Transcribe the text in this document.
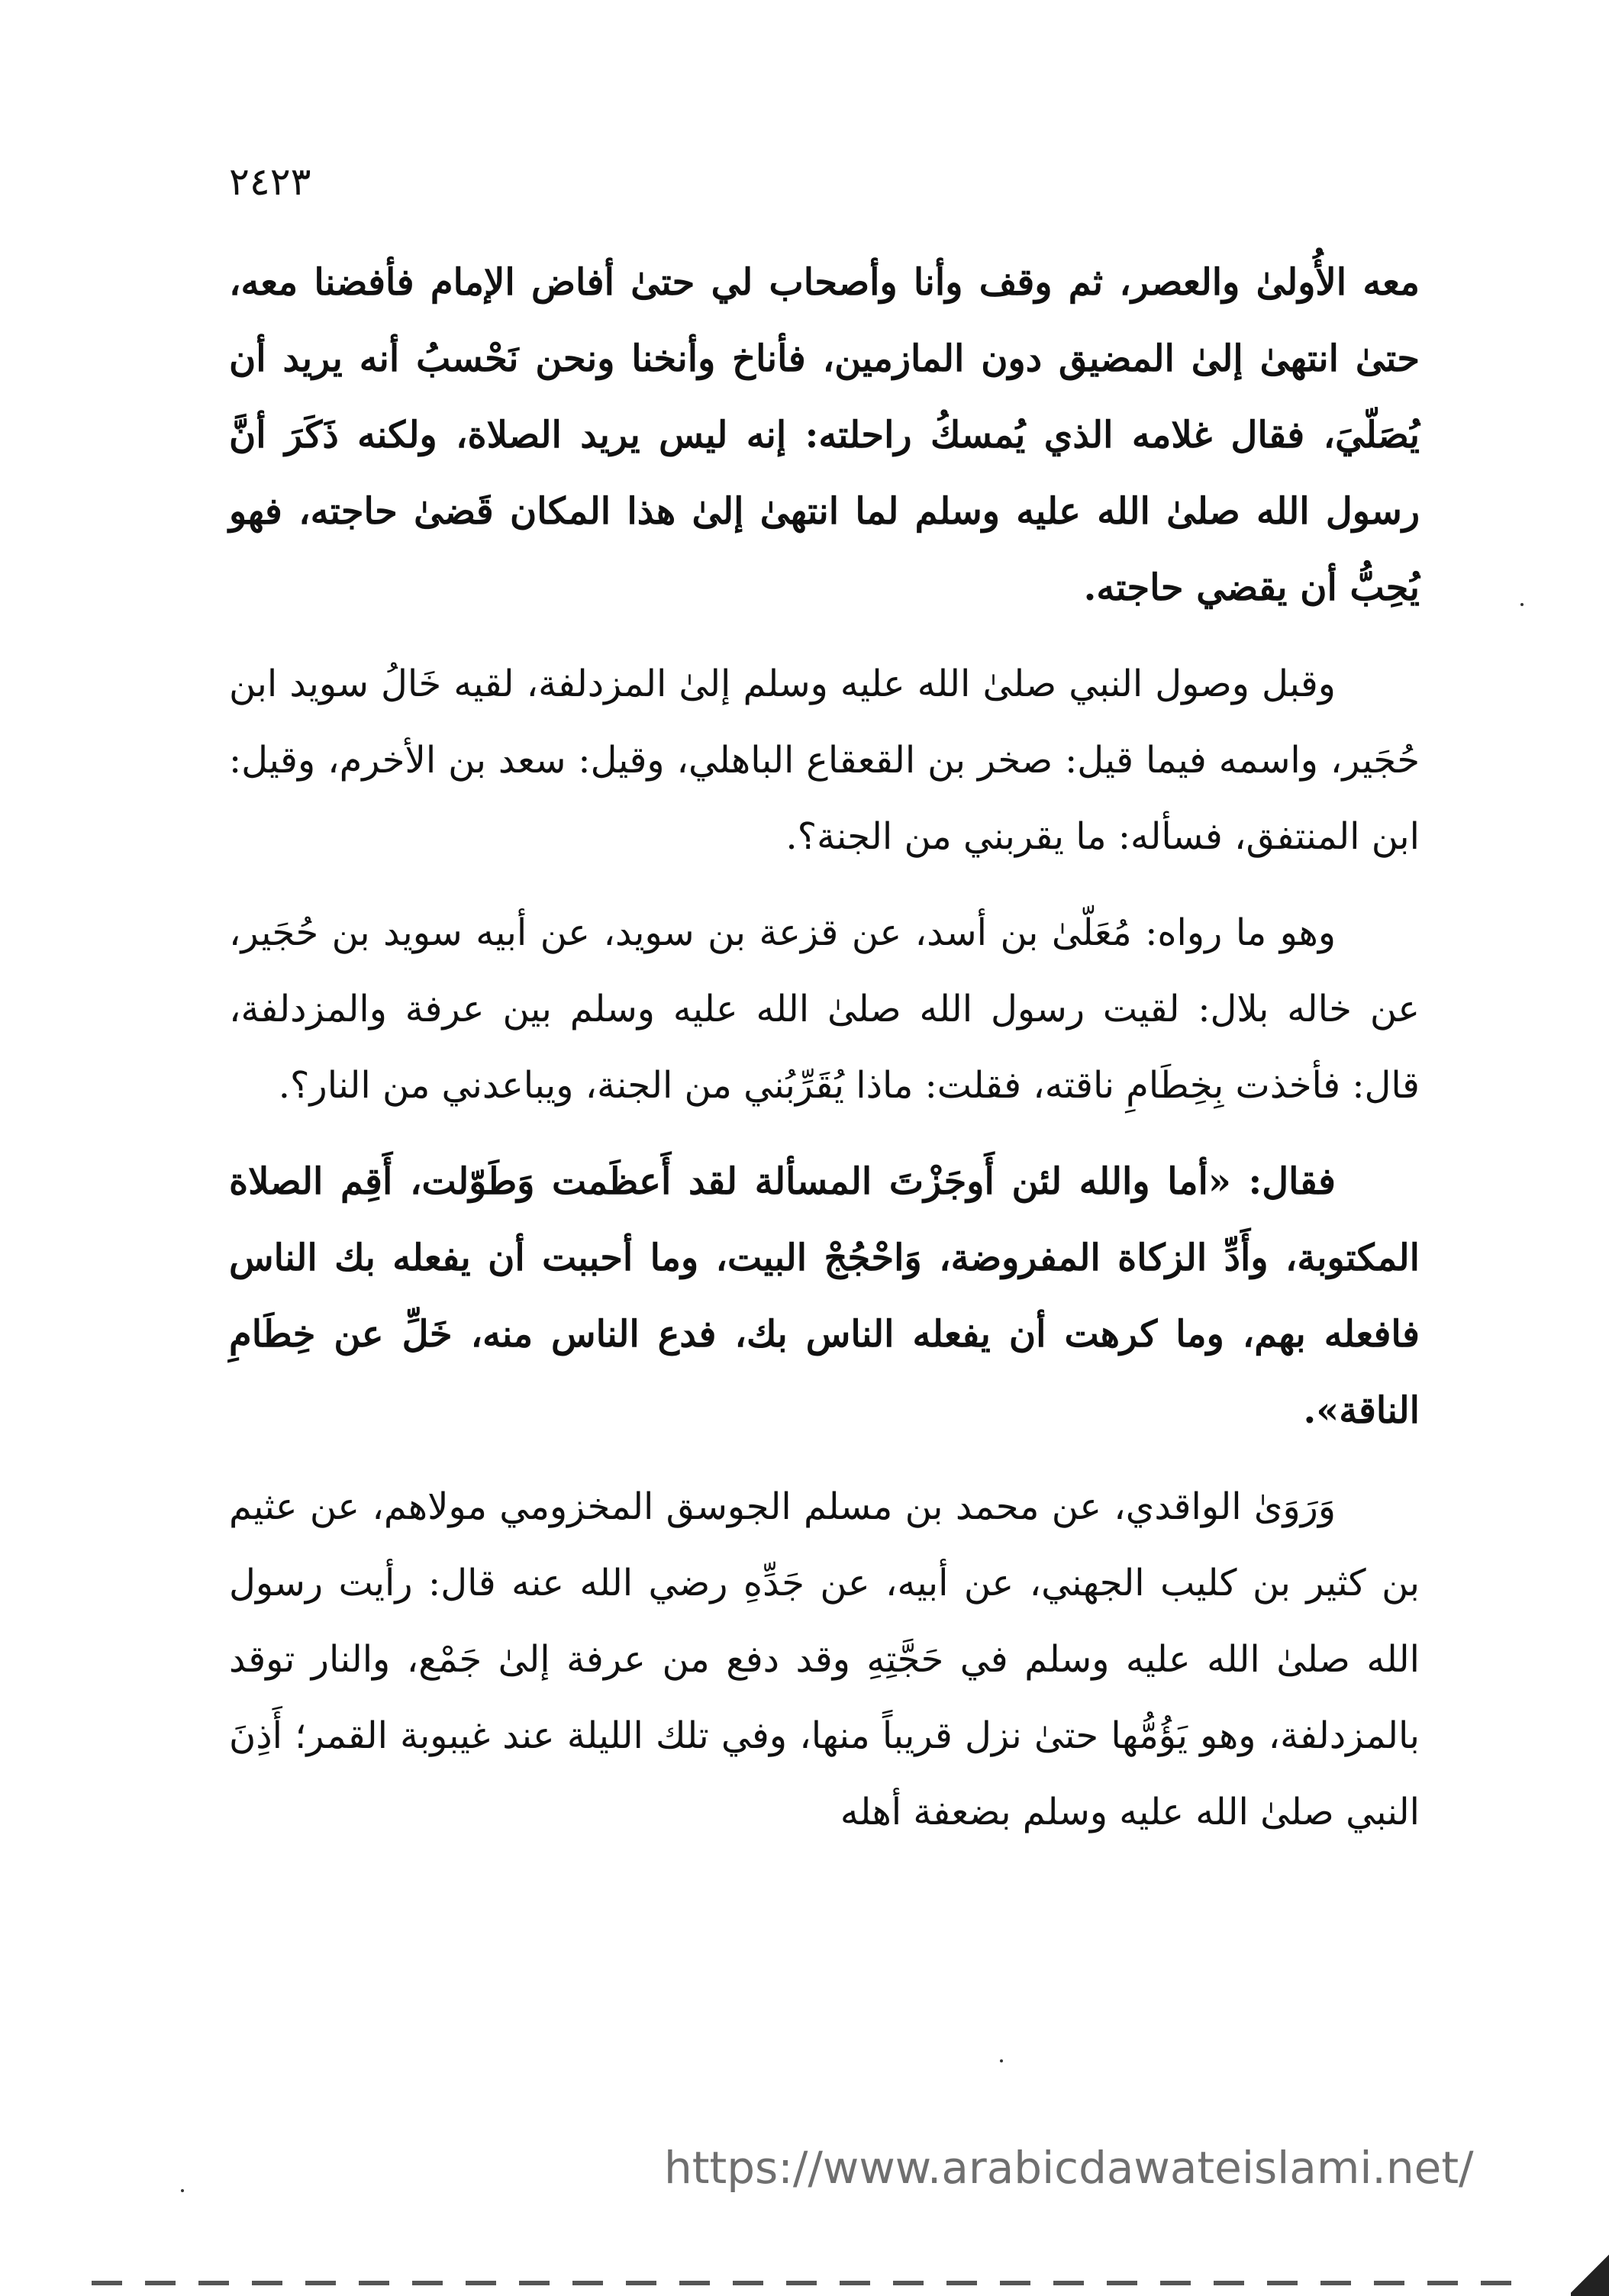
٢٤٢٣

معه الأُولىٰ والعصر، ثم وقف وأنا وأصحاب لي حتىٰ أفاض الإمام فأفضنا معه، حتىٰ انتهىٰ إلىٰ المضيق دون المازمين، فأناخ وأنخنا ونحن نَحْسبُ أنه يريد أن يُصَلّيَ، فقال غلامه الذي يُمسكُ راحلته: إنه ليس يريد الصلاة، ولكنه ذَكَرَ أنَّ رسول الله صلىٰ الله عليه وسلم لما انتهىٰ إلىٰ هذا المكان قَضىٰ حاجته، فهو يُحِبُّ أن يقضي حاجته.

وقبل وصول النبي صلىٰ الله عليه وسلم إلىٰ المزدلفة، لقيه خَالُ سويد ابن حُجَير، واسمه فيما قيل: صخر بن القعقاع الباهلي، وقيل: سعد بن الأخرم، وقيل: ابن المنتفق، فسأله: ما يقربني من الجنة؟.

وهو ما رواه: مُعَلّىٰ بن أسد، عن قزعة بن سويد، عن أبيه سويد بن حُجَير، عن خاله بلال: لقيت رسول الله صلىٰ الله عليه وسلم بين عرفة والمزدلفة، قال: فأخذت بِخِطَامِ ناقته، فقلت: ماذا يُقَرِّبُني من الجنة، ويباعدني من النار؟.

فقال: «أما والله لئن أَوجَزْتَ المسألة لقد أَعظَمت وَطَوّلت، أَقِم الصلاة المكتوبة، وأَدِّ الزكاة المفروضة، وَاحْجُجْ البيت، وما أحببت أن يفعله بك الناس فافعله بهم، وما كرهت أن يفعله الناس بك، فدع الناس منه، خَلِّ عن خِطَامِ الناقة».

وَرَوَىٰ الواقدي، عن محمد بن مسلم الجوسق المخزومي مولاهم، عن عثيم بن كثير بن كليب الجهني، عن أبيه، عن جَدِّهِ رضي الله عنه قال: رأيت رسول الله صلىٰ الله عليه وسلم في حَجَّتِهِ وقد دفع من عرفة إلىٰ جَمْع، والنار توقد بالمزدلفة، وهو يَؤُمُّها حتىٰ نزل قريباً منها، وفي تلك الليلة عند غيبوبة القمر؛ أَذِنَ النبي صلىٰ الله عليه وسلم بضعفة أهله

https://www.arabicdawateislami.net/
